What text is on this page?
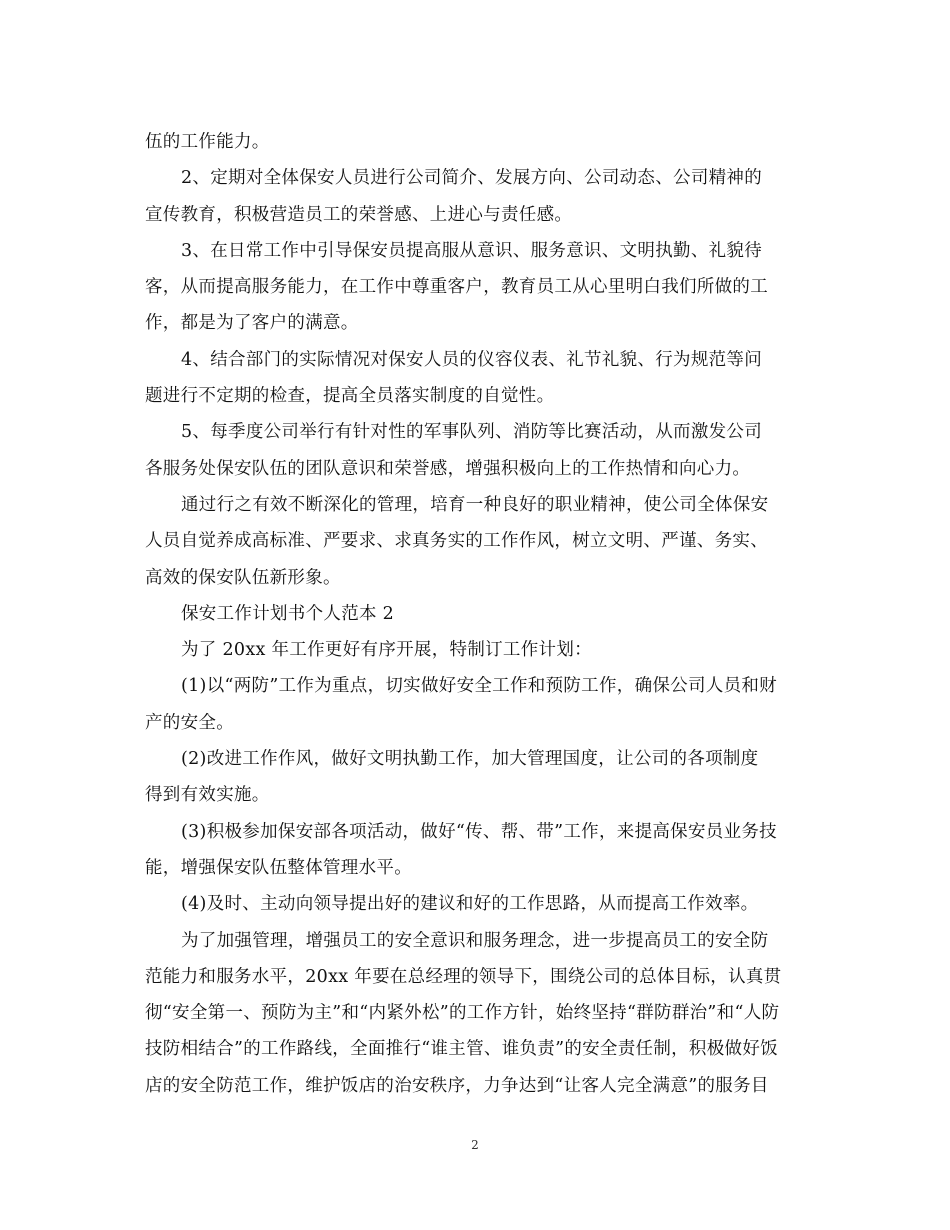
伍的工作能力。
2、定期对全体保安人员进行公司简介、发展方向、公司动态、公司精神的
宣传教育，积极营造员工的荣誉感、上进心与责任感。
3、在日常工作中引导保安员提高服从意识、服务意识、文明执勤、礼貌待
客，从而提高服务能力，在工作中尊重客户，教育员工从心里明白我们所做的工
作，都是为了客户的满意。
4、结合部门的实际情况对保安人员的仪容仪表、礼节礼貌、行为规范等问
题进行不定期的检查，提高全员落实制度的自觉性。
5、每季度公司举行有针对性的军事队列、消防等比赛活动，从而激发公司
各服务处保安队伍的团队意识和荣誉感，增强积极向上的工作热情和向心力。
通过行之有效不断深化的管理，培育一种良好的职业精神，使公司全体保安
人员自觉养成高标准、严要求、求真务实的工作作风，树立文明、严谨、务实、
高效的保安队伍新形象。
保安工作计划书个人范本 2
为了 20xx 年工作更好有序开展，特制订工作计划：
(1)以“两防”工作为重点，切实做好安全工作和预防工作，确保公司人员和财
产的安全。
(2)改进工作作风，做好文明执勤工作，加大管理国度，让公司的各项制度
得到有效实施。
(3)积极参加保安部各项活动，做好“传、帮、带”工作，来提高保安员业务技
能，增强保安队伍整体管理水平。
(4)及时、主动向领导提出好的建议和好的工作思路，从而提高工作效率。
为了加强管理，增强员工的安全意识和服务理念，进一步提高员工的安全防
范能力和服务水平，20xx 年要在总经理的领导下，围绕公司的总体目标，认真贯
彻“安全第一、预防为主”和“内紧外松”的工作方针，始终坚持“群防群治”和“人防
技防相结合”的工作路线，全面推行“谁主管、谁负责”的安全责任制，积极做好饭
店的安全防范工作，维护饭店的治安秩序，力争达到“让客人完全满意”的服务目
2
